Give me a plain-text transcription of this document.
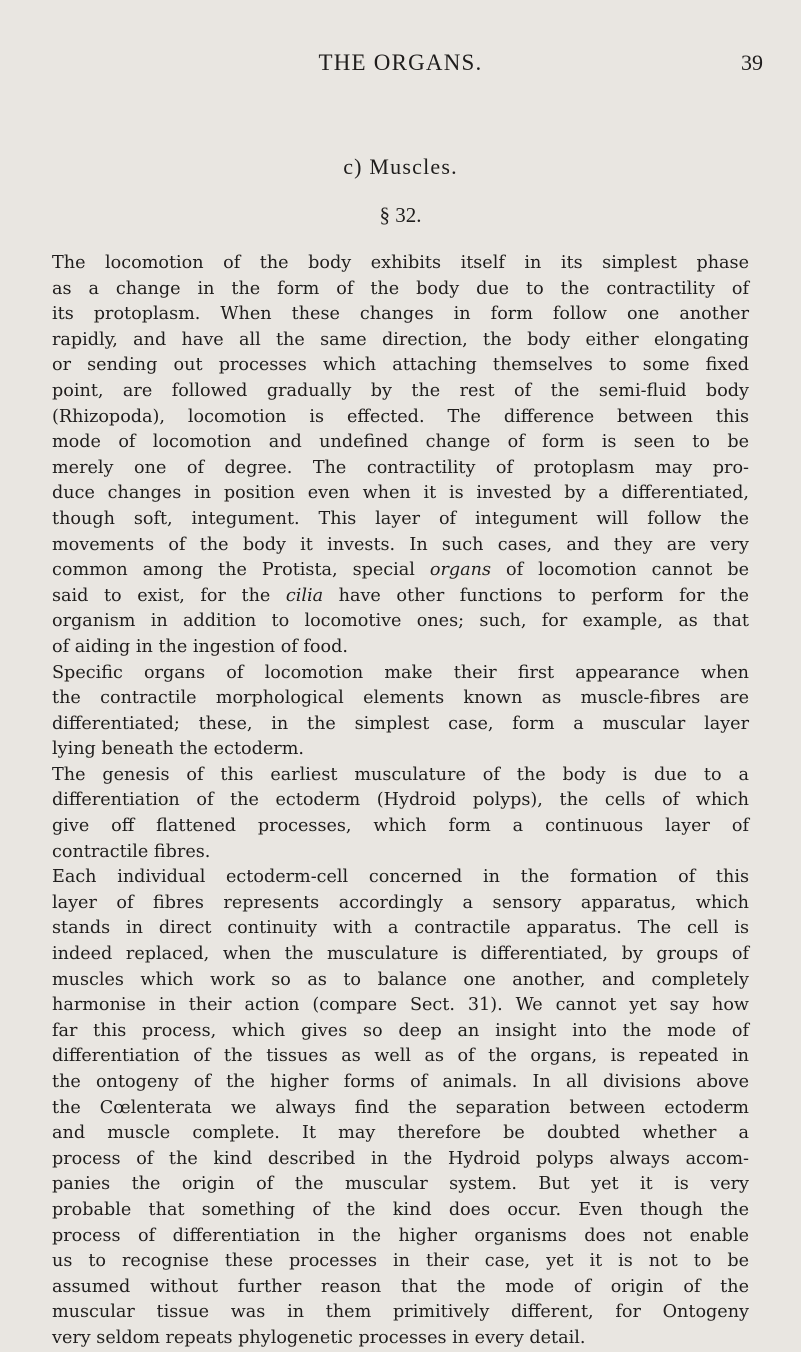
THE ORGANS.	39
c) Muscles.
§ 32.
The locomotion of the body exhibits itself in its simplest phase
as a change in the form of the body due to the contractility of
its protoplasm. When these changes in form follow one another
rapidly, and have all the same direction, the body either elongating
or sending out processes which attaching themselves to some fixed
point, are followed gradually by the rest of the semi-fluid body
(Rhizopoda), locomotion is effected. The difference between this
mode of locomotion and undefined change of form is seen to be
merely one of degree. The contractility of protoplasm may pro-
duce changes in position even when it is invested by a differentiated,
though soft, integument. This layer of integument will follow the
movements of the body it invests. In such cases, and they are very
common among the Protista, special organs of locomotion cannot be
said to exist, for the cilia have other functions to perform for the
organism in addition to locomotive ones; such, for example, as that
of aiding in the ingestion of food.
Specific organs of locomotion make their first appearance when
the contractile morphological elements known as muscle-fibres are
differentiated; these, in the simplest case, form a muscular layer
lying beneath the ectoderm.
The genesis of this earliest musculature of the body is due to a
differentiation of the ectoderm (Hydroid polyps), the cells of which
give off flattened processes, which form a continuous layer of
contractile fibres.
Each individual ectoderm-cell concerned in the formation of this
layer of fibres represents accordingly a sensory apparatus, which
stands in direct continuity with a contractile apparatus. The cell is
indeed replaced, when the musculature is differentiated, by groups of
muscles which work so as to balance one another, and completely
harmonise in their action (compare Sect. 31). We cannot yet say how
far this process, which gives so deep an insight into the mode of
differentiation of the tissues as well as of the organs, is repeated in
the ontogeny of the higher forms of animals. In all divisions above
the Cœlenterata we always find the separation between ectoderm
and muscle complete. It may therefore be doubted whether a
process of the kind described in the Hydroid polyps always accom-
panies the origin of the muscular system. But yet it is very
probable that something of the kind does occur. Even though the
process of differentiation in the higher organisms does not enable
us to recognise these processes in their case, yet it is not to be
assumed without further reason that the mode of origin of the
muscular tissue was in them primitively different, for Ontogeny
very seldom repeats phylogenetic processes in every detail.
